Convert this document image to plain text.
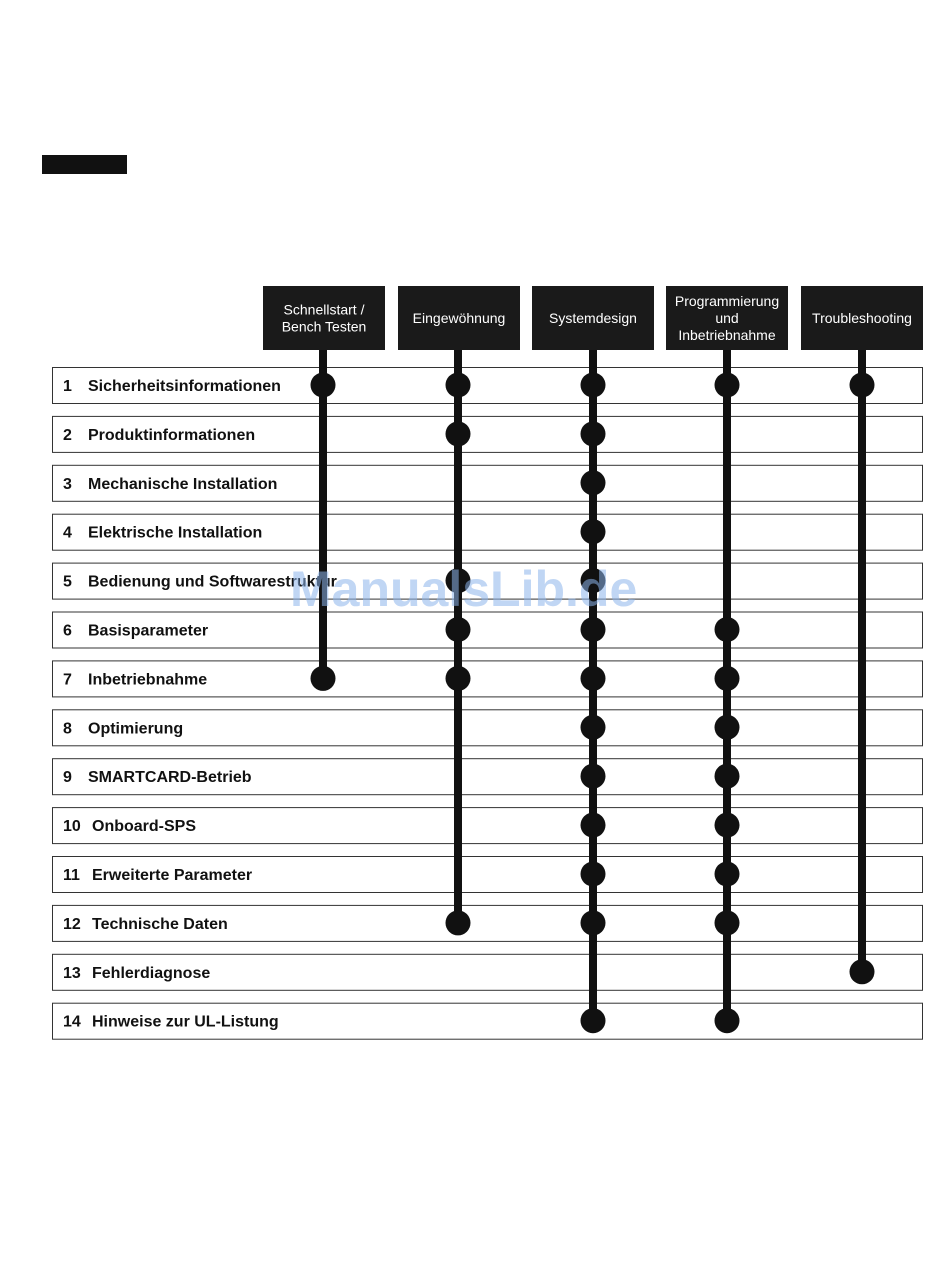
1 Sicherheitsinformationen
2 Produktinformationen
3 Mechanische Installation
4 Elektrische Installation
5 Bedienung und Softwarestruktur
6 Basisparameter
7 Inbetriebnahme
8 Optimierung
9 SMARTCARD-Betrieb
10 Onboard-SPS
11 Erweiterte Parameter
12 Technische Daten
13 Fehlerdiagnose
14 Hinweise zur UL-Listung
Schnellstart /
Bench Testen
Eingewöhnung	Systemdesign
Programmierung
und
Inbetriebnahme
Troubleshooting
ManualsLib.de
